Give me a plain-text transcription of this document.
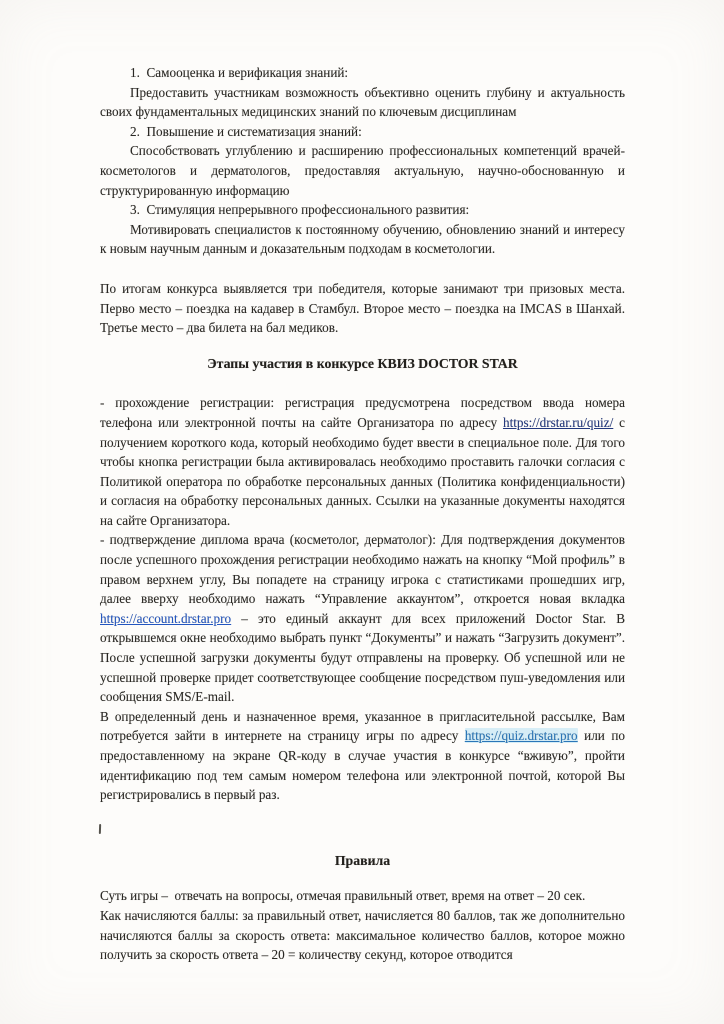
1.  Самооценка и верификация знаний:

Предоставить участникам возможность объективно оценить глубину и актуальность своих фундаментальных медицинских знаний по ключевым дисциплинам

2.  Повышение и систематизация знаний:

Способствовать углублению и расширению профессиональных компетенций врачей-косметологов и дерматологов, предоставляя актуальную, научно-обоснованную и структурированную информацию

3.  Стимуляция непрерывного профессионального развития:

Мотивировать специалистов к постоянному обучению, обновлению знаний и интересу к новым научным данным и доказательным подходам в косметологии.

По итогам конкурса выявляется три победителя, которые занимают три призовых места. Перво место – поездка на кадавер в Стамбул. Второе место – поездка на IMCAS в Шанхай. Третье место – два билета на бал медиков.

Этапы участия в конкурсе КВИЗ DOCTOR STAR

- прохождение регистрации: регистрация предусмотрена посредством ввода номера телефона или электронной почты на сайте Организатора по адресу https://drstar.ru/quiz/ с получением короткого кода, который необходимо будет ввести в специальное поле. Для того чтобы кнопка регистрации была активировалась необходимо проставить галочки согласия с Политикой оператора по обработке персональных данных (Политика конфиденциальности) и согласия на обработку персональных данных. Ссылки на указанные документы находятся на сайте Организатора.

- подтверждение диплома врача (косметолог, дерматолог): Для подтверждения документов после успешного прохождения регистрации необходимо нажать на кнопку “Мой профиль” в правом верхнем углу, Вы попадете на страницу игрока с статистиками прошедших игр, далее вверху необходимо нажать “Управление аккаунтом”, откроется новая вкладка https://account.drstar.pro – это единый аккаунт для всех приложений Doctor Star. В открывшемся окне необходимо выбрать пункт “Документы” и нажать “Загрузить документ”. После успешной загрузки документы будут отправлены на проверку. Об успешной или не успешной проверке придет соответствующее сообщение посредством пуш-уведомления или сообщения SMS/E-mail.

В определенный день и назначенное время, указанное в пригласительной рассылке, Вам потребуется зайти в интернете на страницу игры по адресу https://quiz.drstar.pro или по предоставленному на экране QR-коду в случае участия в конкурсе “вживую”, пройти идентификацию под тем самым номером телефона или электронной почтой, которой Вы регистрировались в первый раз.

Правила

Суть игры –  отвечать на вопросы, отмечая правильный ответ, время на ответ – 20 сек.

Как начисляются баллы: за правильный ответ, начисляется 80 баллов, так же дополнительно начисляются баллы за скорость ответа: максимальное количество баллов, которое можно получить за скорость ответа – 20 = количеству секунд, которое отводится
